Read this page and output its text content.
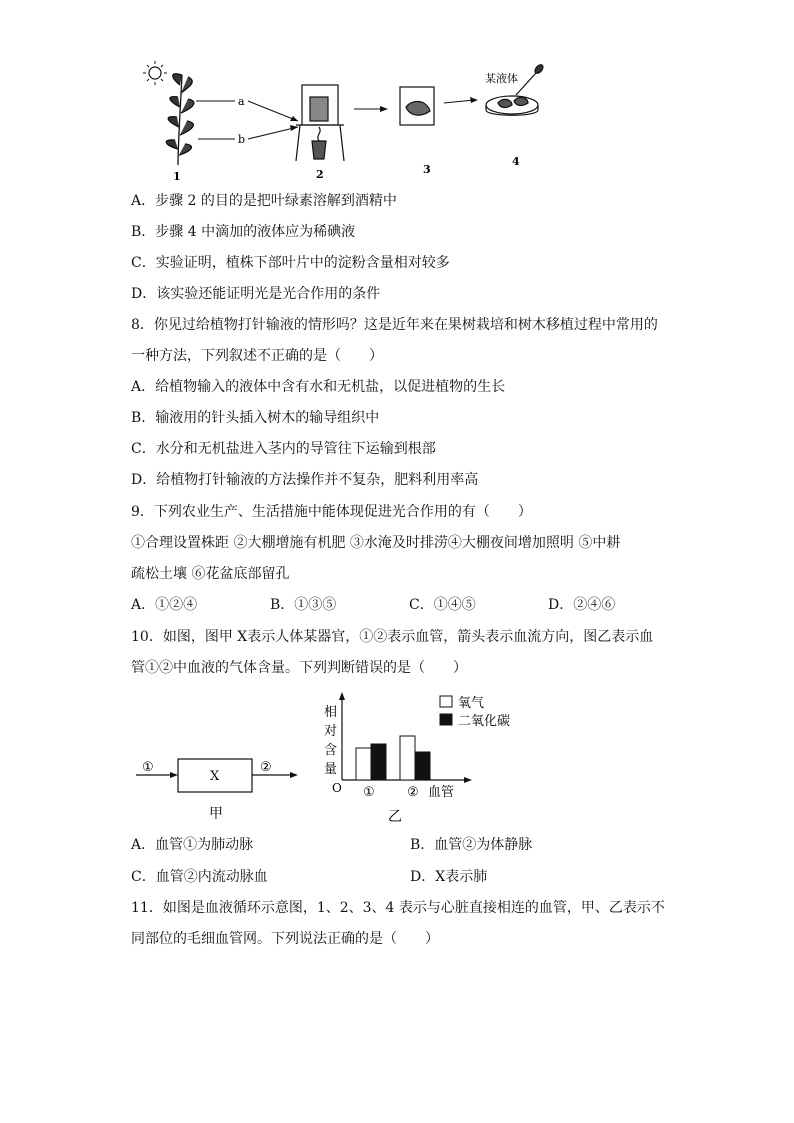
a
b
某液体
1	2	3
4
A．步骤 2 的目的是把叶绿素溶解到酒精中
B．步骤 4 中滴加的液体应为稀碘液
C．实验证明，植株下部叶片中的淀粉含量相对较多
D．该实验还能证明光是光合作用的条件
8．你见过给植物打针输液的情形吗？这是近年来在果树栽培和树木移植过程中常用的
一种方法，下列叙述不正确的是（　　）
A．给植物输入的液体中含有水和无机盐，以促进植物的生长
B．输液用的针头插入树木的输导组织中
C．水分和无机盐进入茎内的导管往下运输到根部
D．给植物打针输液的方法操作并不复杂，肥料利用率高
9．下列农业生产、生活措施中能体现促进光合作用的有（　　）
①合理设置株距 ②大棚增施有机肥 ③水淹及时排涝④大棚夜间增加照明 ⑤中耕
疏松土壤 ⑥花盆底部留孔
A．①②④	B．①③⑤	C．①④⑤	D．②④⑥
10．如图，图甲 X表示人体某器官，①②表示血管，箭头表示血流方向，图乙表示血
管①②中血液的气体含量。下列判断错误的是（　　）
①
X
②
甲
相
对
含
量
O ① ② 血管
乙
氧气
二氧化碳
A．血管①为肺动脉	B．血管②为体静脉
C．血管②内流动脉血	D．X表示肺
11．如图是血液循环示意图，1、2、3、4 表示与心脏直接相连的血管，甲、乙表示不
同部位的毛细血管网。下列说法正确的是（　　）
